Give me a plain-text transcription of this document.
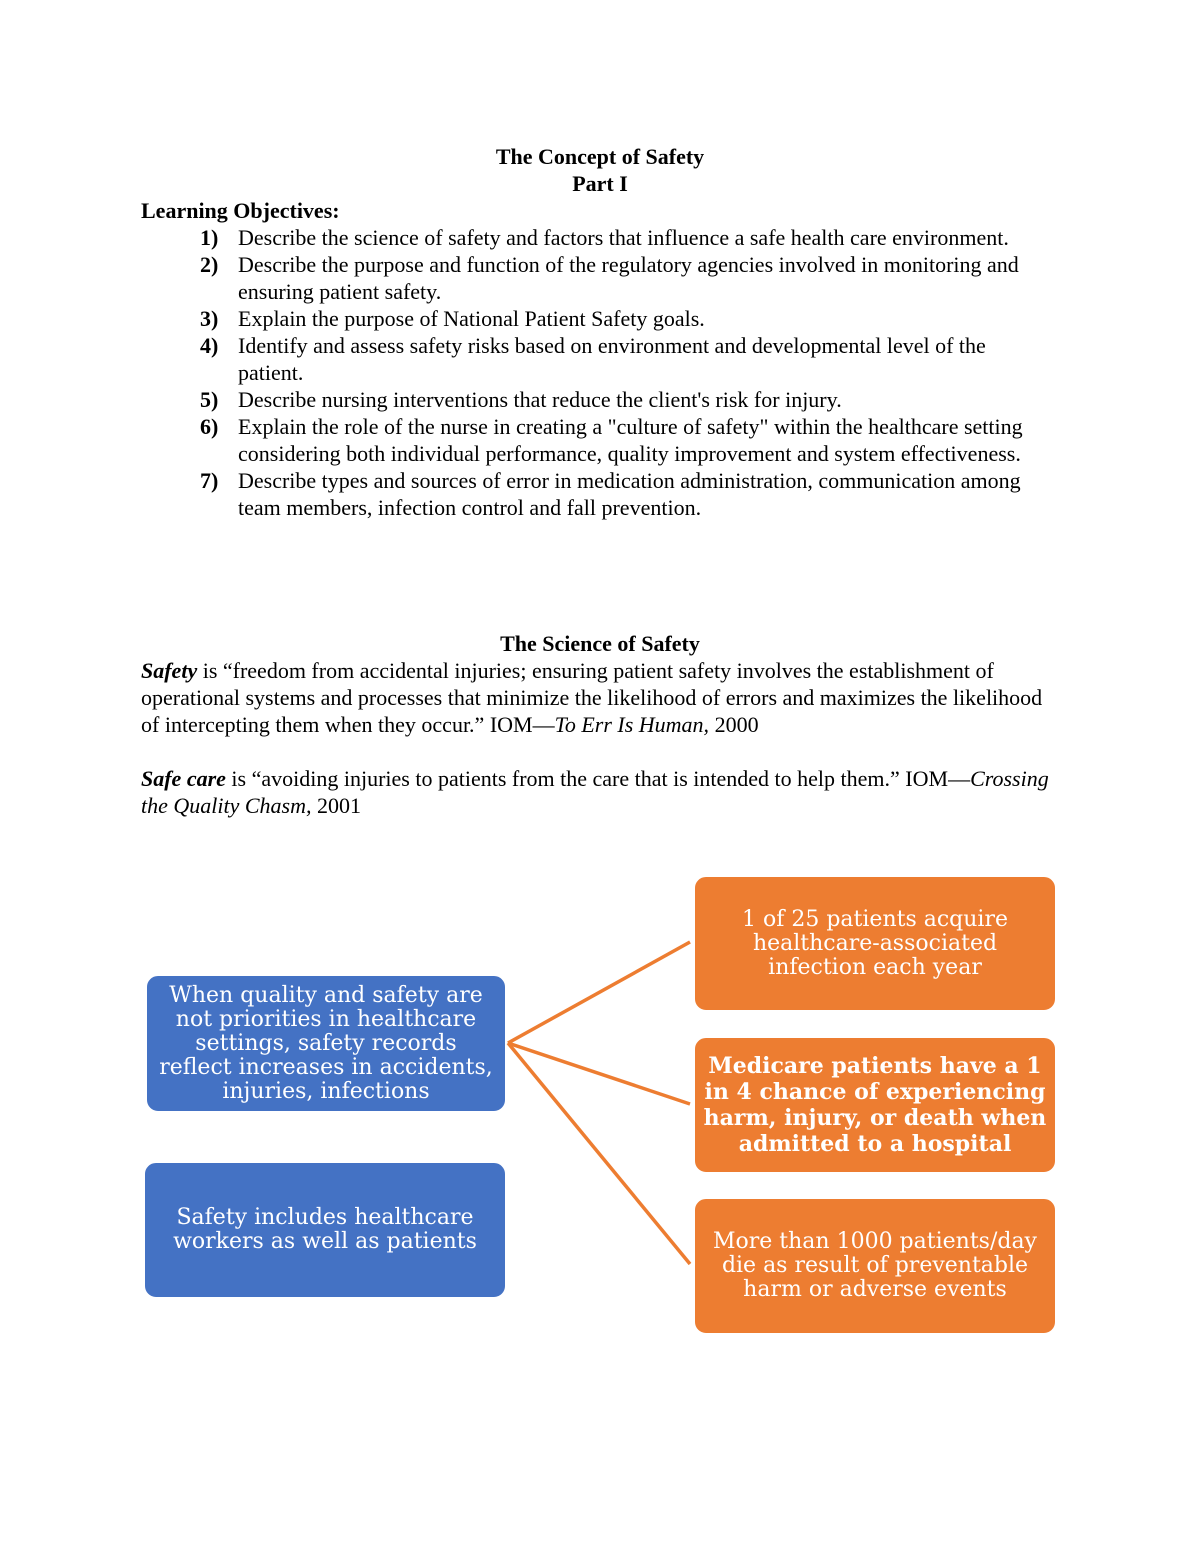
The Concept of Safety
Part I
Learning Objectives:
1) Describe the science of safety and factors that influence a safe health care environment.
2) Describe the purpose and function of the regulatory agencies involved in monitoring and ensuring patient safety.
3) Explain the purpose of National Patient Safety goals.
4) Identify and assess safety risks based on environment and developmental level of the patient.
5) Describe nursing interventions that reduce the client's risk for injury.
6) Explain the role of the nurse in creating a "culture of safety" within the healthcare setting considering both individual performance, quality improvement and system effectiveness.
7) Describe types and sources of error in medication administration, communication among team members, infection control and fall prevention.
The Science of Safety

Safety is “freedom from accidental injuries; ensuring patient safety involves the establishment of operational systems and processes that minimize the likelihood of errors and maximizes the likelihood of intercepting them when they occur.” IOM—To Err Is Human, 2000

Safe care is “avoiding injuries to patients from the care that is intended to help them.” IOM—Crossing the Quality Chasm, 2001

When quality and safety are not priorities in healthcare settings, safety records reflect increases in accidents, injuries, infections
Safety includes healthcare workers as well as patients
1 of 25 patients acquire healthcare-associated infection each year
Medicare patients have a 1 in 4 chance of experiencing harm, injury, or death when admitted to a hospital
More than 1000 patients/day die as result of preventable harm or adverse events
